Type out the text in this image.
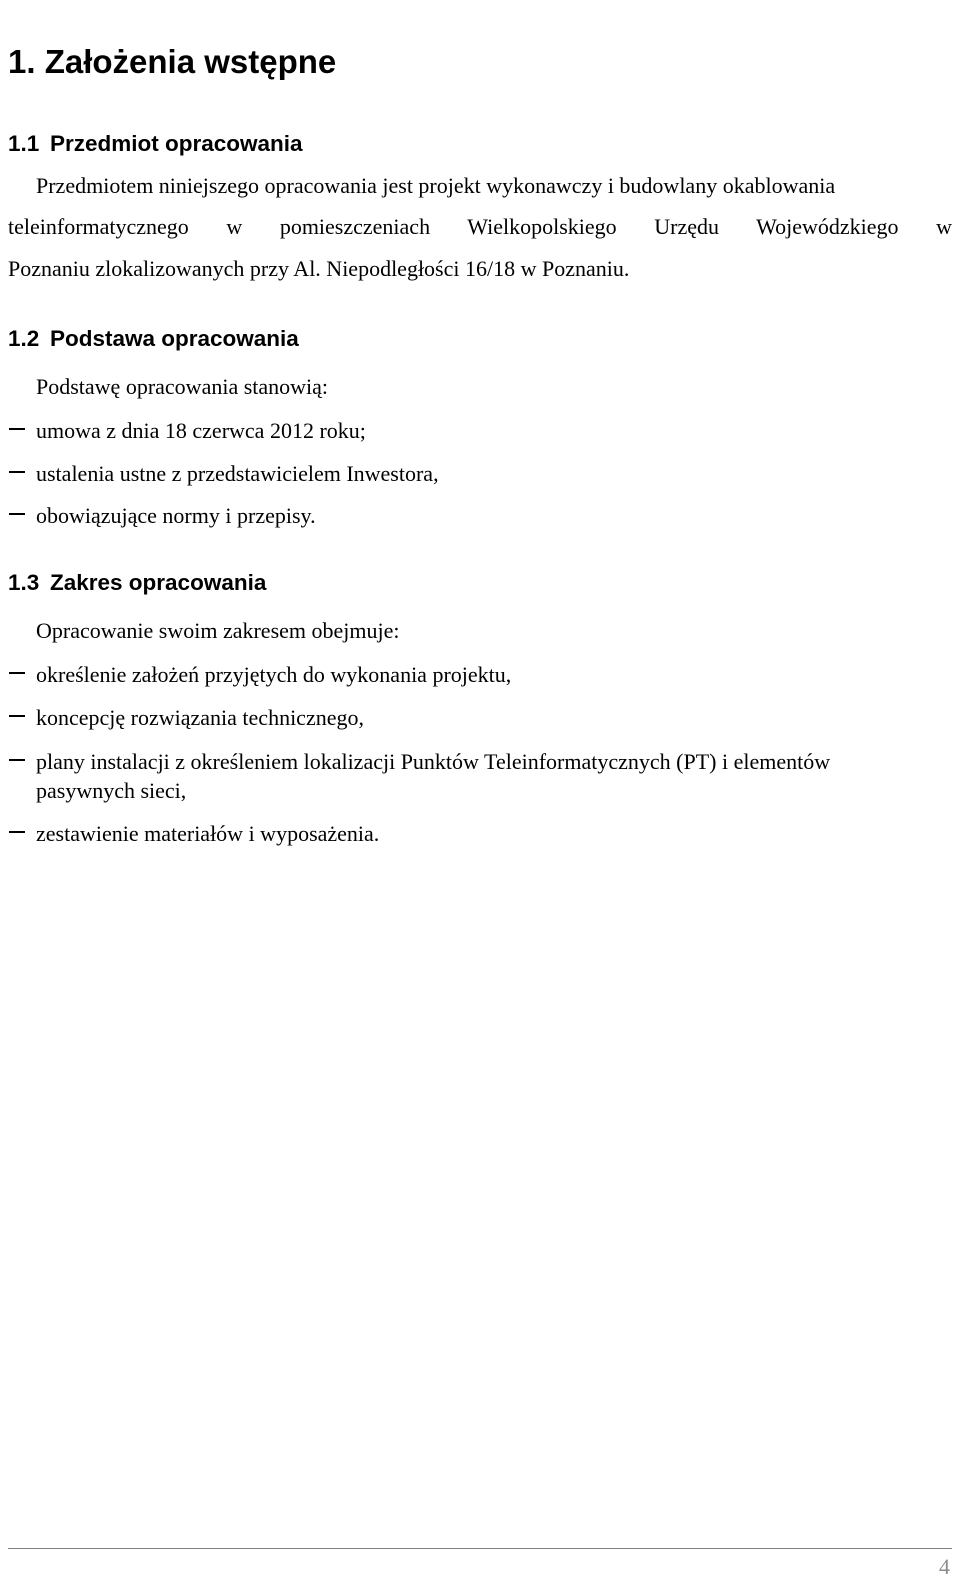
1. Założenia wstępne
1.1 Przedmiot opracowania
Przedmiotem niniejszego opracowania jest projekt wykonawczy i budowlany okablowania
teleinformatycznego w pomieszczeniach Wielkopolskiego Urzędu Wojewódzkiego w
Poznaniu zlokalizowanych przy Al. Niepodległości 16/18 w Poznaniu.
1.2 Podstawa opracowania
Podstawę opracowania stanowią:
umowa z dnia 18 czerwca 2012 roku;
ustalenia ustne z przedstawicielem Inwestora,
obowiązujące normy i przepisy.
1.3 Zakres opracowania
Opracowanie swoim zakresem obejmuje:
określenie założeń przyjętych do wykonania projektu,
koncepcję rozwiązania technicznego,
plany instalacji z określeniem lokalizacji Punktów Teleinformatycznych (PT) i elementów
pasywnych sieci,
zestawienie materiałów i wyposażenia.
4
